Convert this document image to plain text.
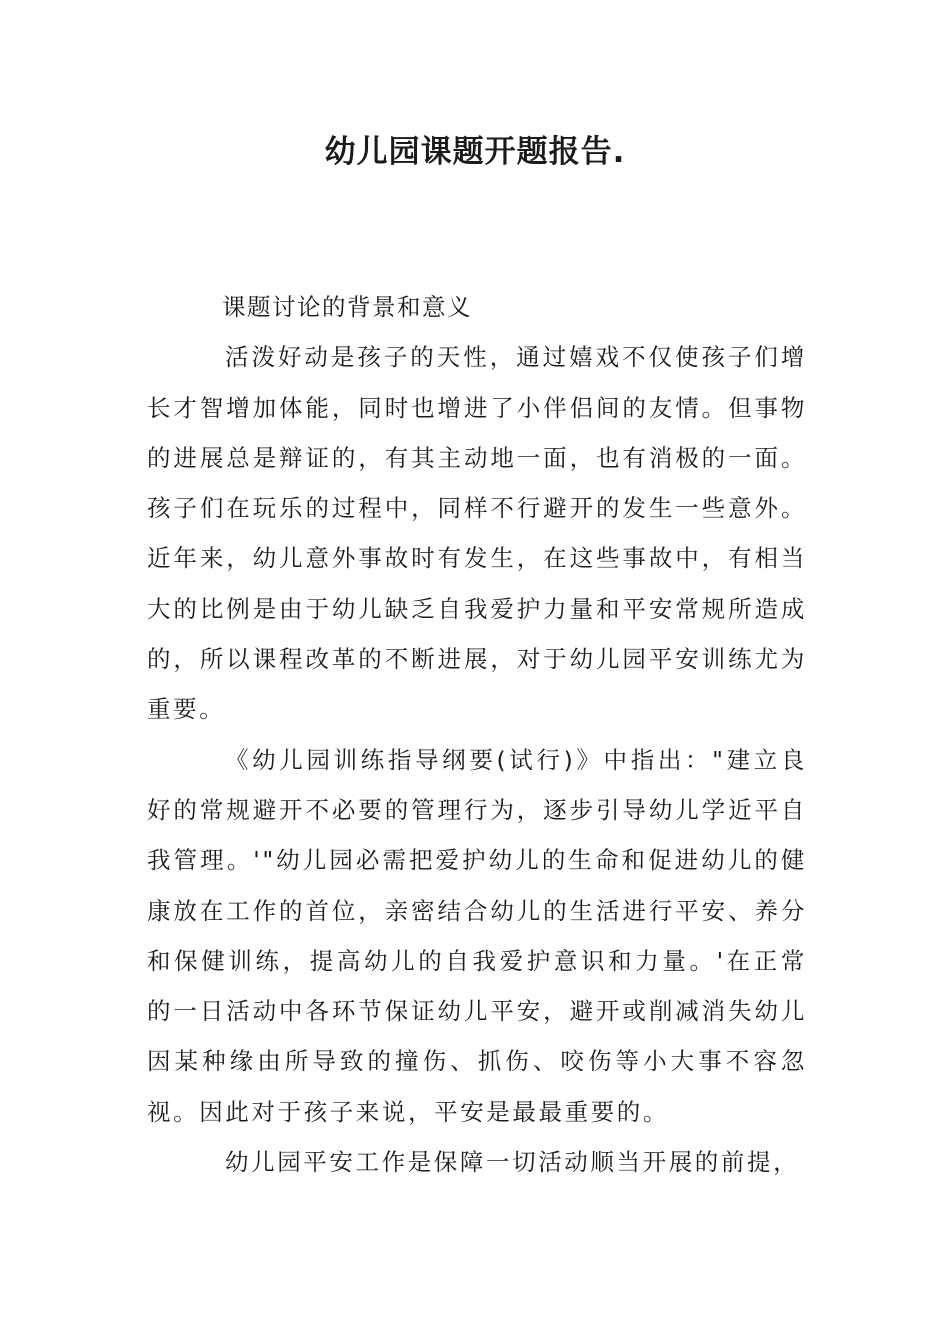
幼儿园课题开题报告.

课题讨论的背景和意义

活泼好动是孩子的天性，通过嬉戏不仅使孩子们增长才智增加体能，同时也增进了小伴侣间的友情。但事物的进展总是辩证的，有其主动地一面，也有消极的一面。孩子们在玩乐的过程中，同样不行避开的发生一些意外。近年来，幼儿意外事故时有发生，在这些事故中，有相当大的比例是由于幼儿缺乏自我爱护力量和平安常规所造成的，所以课程改革的不断进展，对于幼儿园平安训练尤为重要。

《幼儿园训练指导纲要(试行)》中指出："建立良好的常规避开不必要的管理行为，逐步引导幼儿学近平自我管理。'"幼儿园必需把爱护幼儿的生命和促进幼儿的健康放在工作的首位，亲密结合幼儿的生活进行平安、养分和保健训练，提高幼儿的自我爱护意识和力量。'在正常的一日活动中各环节保证幼儿平安，避开或削减消失幼儿因某种缘由所导致的撞伤、抓伤、咬伤等小大事不容忽视。因此对于孩子来说，平安是最最重要的。

幼儿园平安工作是保障一切活动顺当开展的前提，
